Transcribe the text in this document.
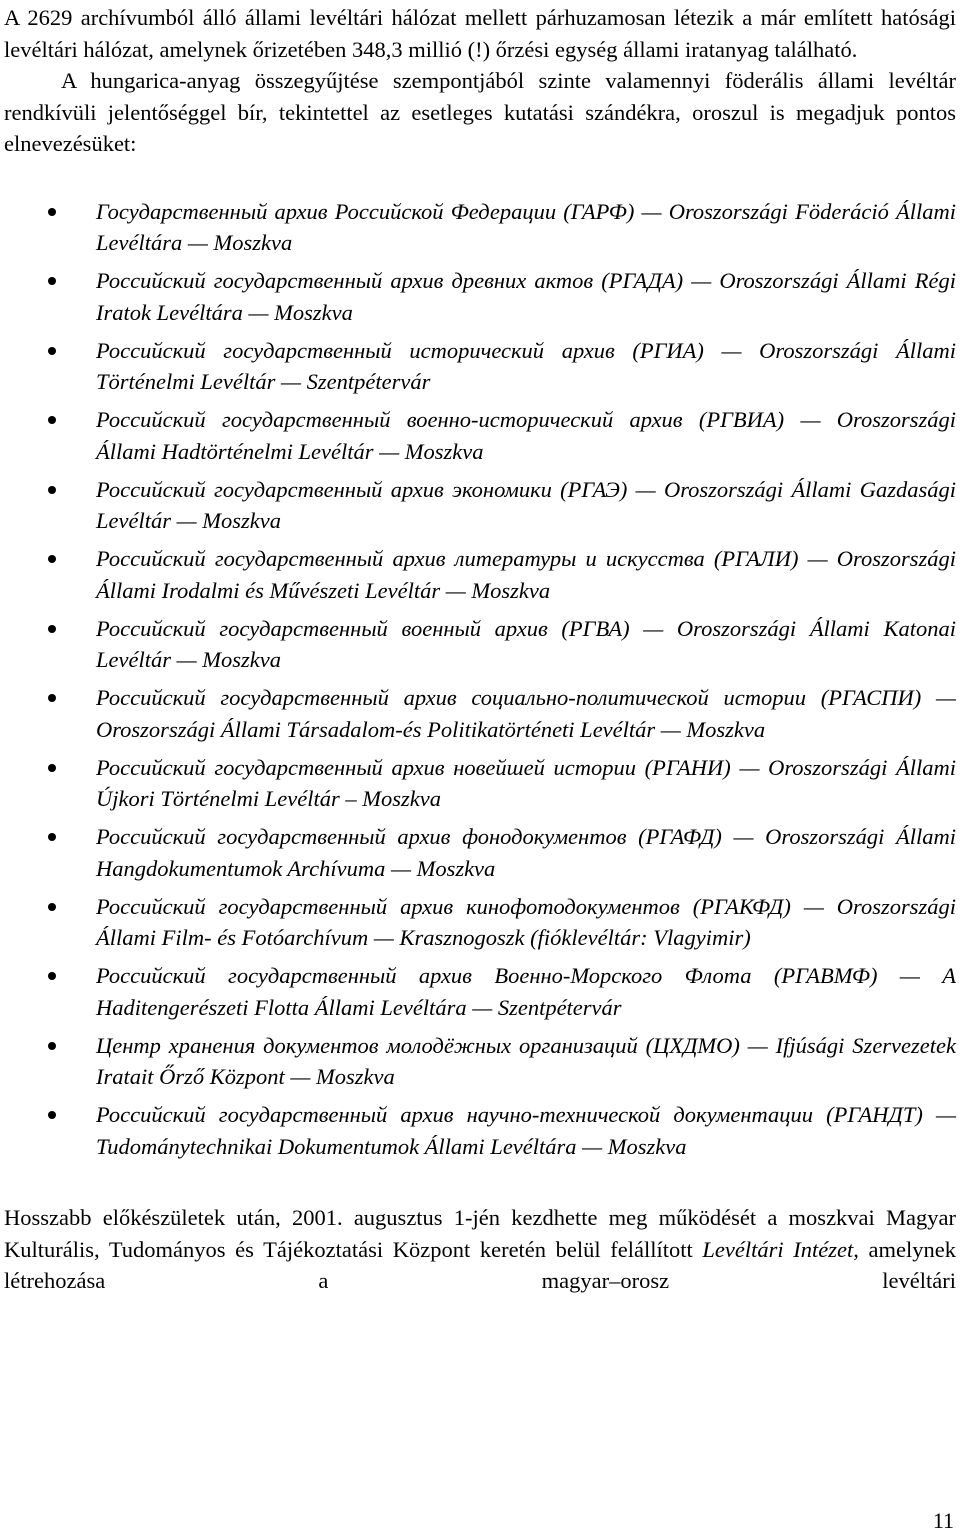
A 2629 archívumból álló állami levéltári hálózat mellett párhuzamosan létezik a már említett hatósági levéltári hálózat, amelynek őrizetében 348,3 millió (!) őrzési egység állami iratanyag található.

A hungarica-anyag összegyűjtése szempontjából szinte valamennyi föderális állami levéltár rendkívüli jelentőséggel bír, tekintettel az esetleges kutatási szándékra, oroszul is megadjuk pontos elnevezésüket:

Государственный архив Российской Федерации (ГАРФ) — Oroszországi Föderáció Állami Levéltára — Moszkva
Российский государственный архив древних актов (РГАДА) — Oroszországi Állami Régi Iratok Levéltára — Moszkva
Российский государственный исторический архив (РГИА) — Oroszországi Állami Történelmi Levéltár — Szentpétervár
Российский государственный военно-исторический архив (РГВИА) — Oroszországi Állami Hadtörténelmi Levéltár — Moszkva
Российский государственный архив экономики (РГАЭ) — Oroszországi Állami Gazdasági Levéltár — Moszkva
Российский государственный архив литературы и искусства (РГАЛИ) — Oroszországi Állami Irodalmi és Művészeti Levéltár — Moszkva
Российский государственный военный архив (РГВА) — Oroszországi Állami Katonai Levéltár — Moszkva
Российский государственный архив социально-политической истории (РГАСПИ) — Oroszországi Állami Társadalom-és Politikatörténeti Levéltár — Moszkva
Российский государственный архив новейшей истории (РГАНИ) — Oroszországi Állami Újkori Történelmi Levéltár – Moszkva
Российский государственный архив фонодокументов (РГАФД) — Oroszországi Állami Hangdokumentumok Archívuma — Moszkva
Российский государственный архив кинофотодокументов (РГАКФД) — Oroszországi Állami Film- és Fotóarchívum — Krasznogoszk (fióklevéltár: Vlagyimir)
Российский государственный архив Военно-Морского Флота (РГАВМФ) — A Haditengerészeti Flotta Állami Levéltára — Szentpétervár
Центр хранения документов молодёжных организаций (ЦХДМО) — Ifjúsági Szervezetek Iratait Őrző Központ — Moszkva
Российский государственный архив научно-технической документации (РГАНДТ) — Tudománytechnikai Dokumentumok Állami Levéltára — Moszkva

Hosszabb előkészületek után, 2001. augusztus 1-jén kezdhette meg működését a moszkvai Magyar Kulturális, Tudományos és Tájékoztatási Központ keretén belül felállított Levéltári Intézet, amelynek létrehozása a magyar–orosz levéltári

11
